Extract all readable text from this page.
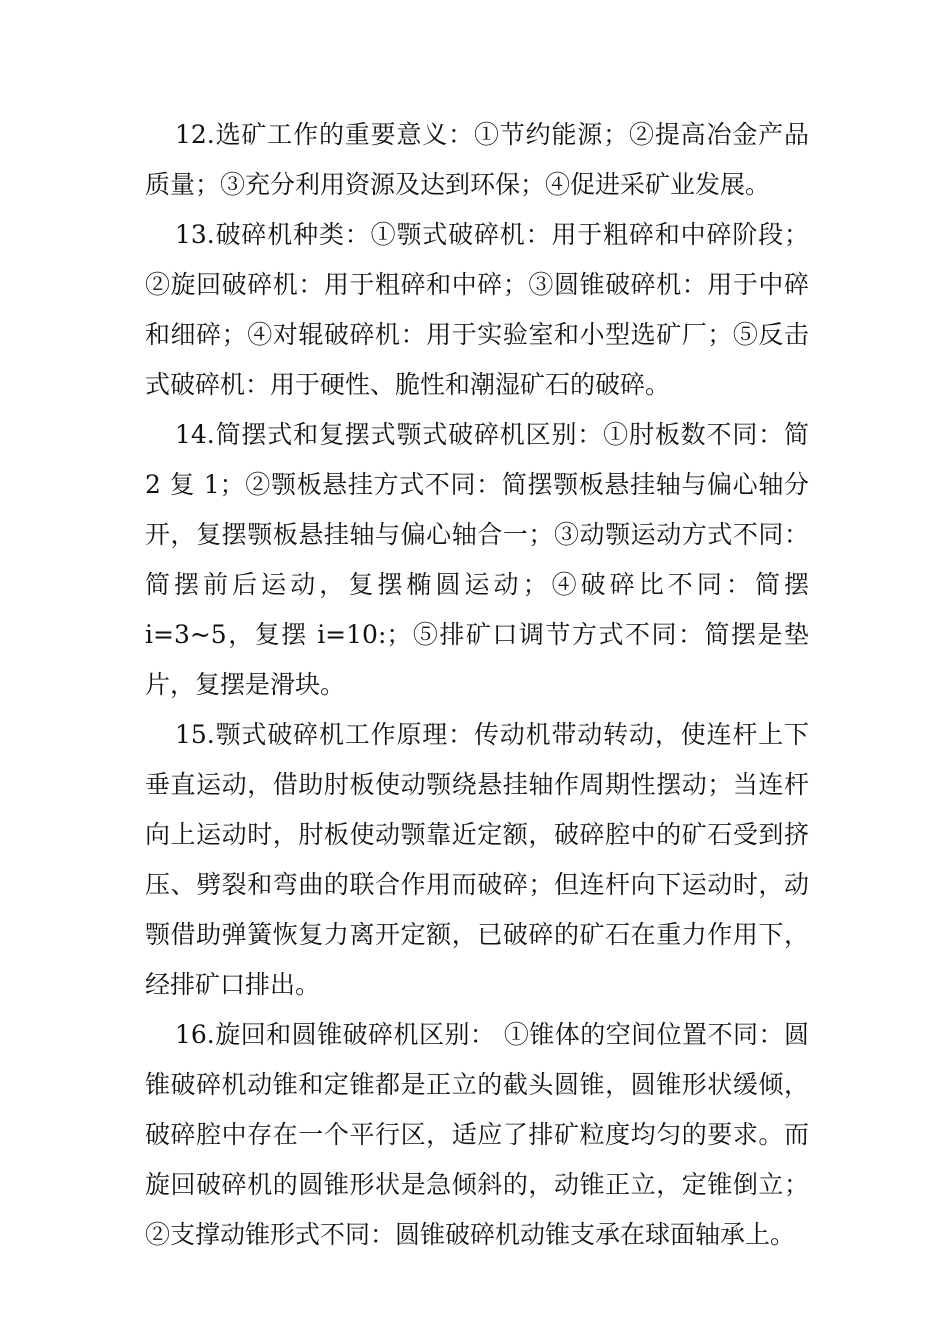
12.选矿工作的重要意义：①节约能源；②提高冶金产品质量；③充分利用资源及达到环保；④促进采矿业发展。

13.破碎机种类：①颚式破碎机：用于粗碎和中碎阶段；②旋回破碎机：用于粗碎和中碎；③圆锥破碎机：用于中碎和细碎；④对辊破碎机：用于实验室和小型选矿厂；⑤反击式破碎机：用于硬性、脆性和潮湿矿石的破碎。

14.简摆式和复摆式颚式破碎机区别：①肘板数不同：简 2 复 1；②颚板悬挂方式不同：简摆颚板悬挂轴与偏心轴分开，复摆颚板悬挂轴与偏心轴合一；③动颚运动方式不同：简摆前后运动，复摆椭圆运动；④破碎比不同：简摆 i=3~5，复摆 i=10:；⑤排矿口调节方式不同：简摆是垫片，复摆是滑块。

15.颚式破碎机工作原理：传动机带动转动，使连杆上下垂直运动，借助肘板使动颚绕悬挂轴作周期性摆动；当连杆向上运动时，肘板使动颚靠近定额，破碎腔中的矿石受到挤压、劈裂和弯曲的联合作用而破碎；但连杆向下运动时，动颚借助弹簧恢复力离开定额，已破碎的矿石在重力作用下，经排矿口排出。

16.旋回和圆锥破碎机区别： ①锥体的空间位置不同：圆锥破碎机动锥和定锥都是正立的截头圆锥，圆锥形状缓倾，破碎腔中存在一个平行区，适应了排矿粒度均匀的要求。而旋回破碎机的圆锥形状是急倾斜的，动锥正立，定锥倒立；②支撑动锥形式不同：圆锥破碎机动锥支承在球面轴承上。
